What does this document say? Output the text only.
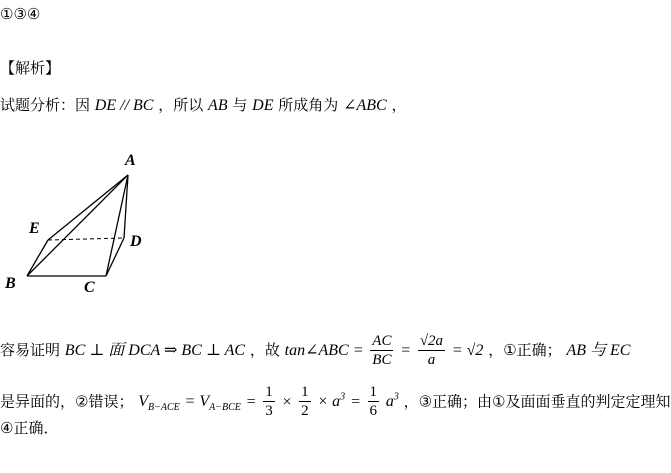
①③④
【解析】
试题分析：因 DE // BC ，所以 AB 与 DE 所成角为 ∠ABC ，
A
E
D
B	C
容易证明 BC ⊥ 面 DCA ⇒ BC ⊥ AC ，故 tan∠ABC = $\frac{AC}{BC} = \frac{√2a}{a} = √2$ ，①正确； AB 与 EC
是异面的，②错误； $V_{B-ACE} = V_{A-BCE} = \frac{1}{3} \times \frac{1}{2} \times a^3 = \frac{1}{6} a^3$ ，③正确；由①及面面垂直的判定定理知
④正确．
